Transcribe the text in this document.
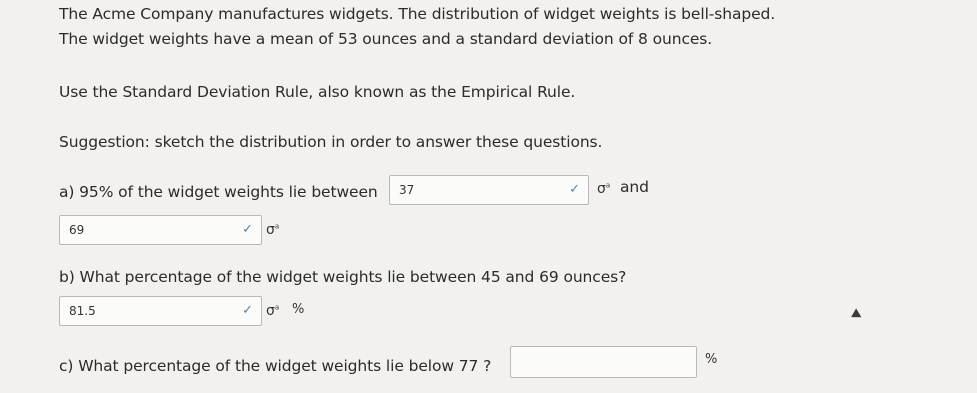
The Acme Company manufactures widgets. The distribution of widget weights is bell-shaped.
The widget weights have a mean of 53 ounces and a standard deviation of 8 ounces.
Use the Standard Deviation Rule, also known as the Empirical Rule.
Suggestion: sketch the distribution in order to answer these questions.
a) 95% of the widget weights lie between 37	✓ $\sigma^a$ and
69	✓ $\sigma^a$
b) What percentage of the widget weights lie between 45 and 69 ounces?
81.5	✓ $\sigma^a$ %
c) What percentage of the widget weights lie below 77 ?	%
